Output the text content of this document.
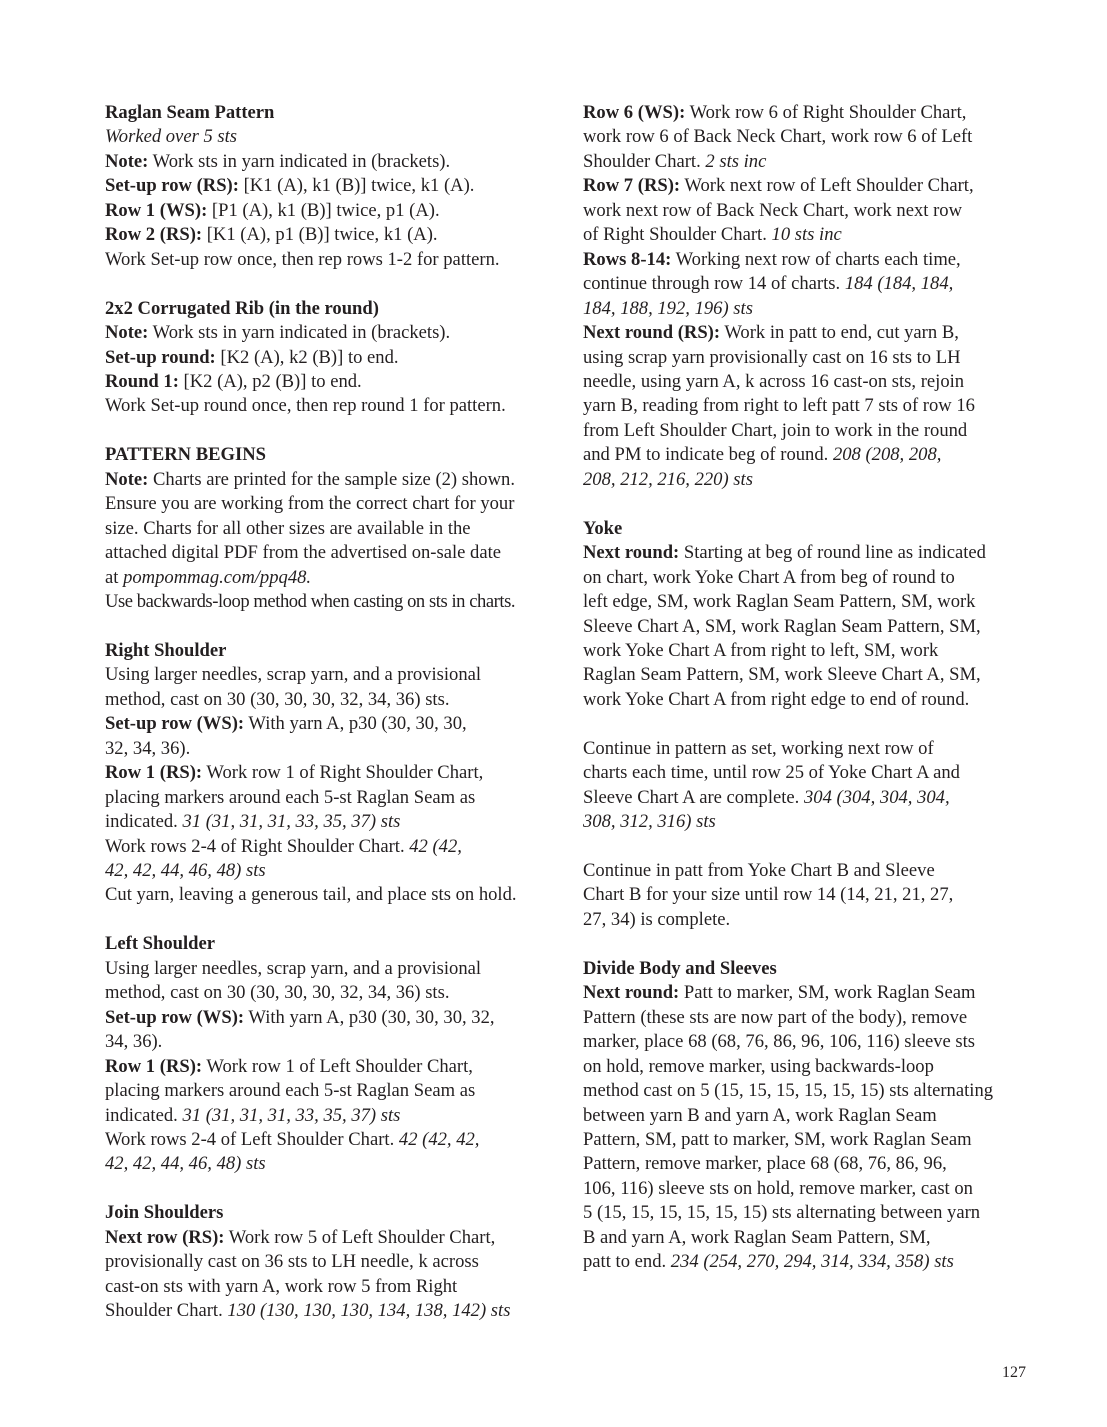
Raglan Seam Pattern
Worked over 5 sts
Note: Work sts in yarn indicated in (brackets).
Set-up row (RS): [K1 (A), k1 (B)] twice, k1 (A).
Row 1 (WS): [P1 (A), k1 (B)] twice, p1 (A).
Row 2 (RS): [K1 (A), p1 (B)] twice, k1 (A).
Work Set-up row once, then rep rows 1-2 for pattern.
2x2 Corrugated Rib (in the round)
Note: Work sts in yarn indicated in (brackets).
Set-up round: [K2 (A), k2 (B)] to end.
Round 1: [K2 (A), p2 (B)] to end.
Work Set-up round once, then rep round 1 for pattern.
PATTERN BEGINS
Note: Charts are printed for the sample size (2) shown.
Ensure you are working from the correct chart for your
size. Charts for all other sizes are available in the
attached digital PDF from the advertised on-sale date
at pompommag.com/ppq48.
Use backwards-loop method when casting on sts in charts.
Right Shoulder
Using larger needles, scrap yarn, and a provisional
method, cast on 30 (30, 30, 30, 32, 34, 36) sts.
Set-up row (WS): With yarn A, p30 (30, 30, 30,
32, 34, 36).
Row 1 (RS): Work row 1 of Right Shoulder Chart,
placing markers around each 5-st Raglan Seam as
indicated. 31 (31, 31, 31, 33, 35, 37) sts
Work rows 2-4 of Right Shoulder Chart. 42 (42,
42, 42, 44, 46, 48) sts
Cut yarn, leaving a generous tail, and place sts on hold.
Left Shoulder
Using larger needles, scrap yarn, and a provisional
method, cast on 30 (30, 30, 30, 32, 34, 36) sts.
Set-up row (WS): With yarn A, p30 (30, 30, 30, 32,
34, 36).
Row 1 (RS): Work row 1 of Left Shoulder Chart,
placing markers around each 5-st Raglan Seam as
indicated. 31 (31, 31, 31, 33, 35, 37) sts
Work rows 2-4 of Left Shoulder Chart. 42 (42, 42,
42, 42, 44, 46, 48) sts
Join Shoulders
Next row (RS): Work row 5 of Left Shoulder Chart,
provisionally cast on 36 sts to LH needle, k across
cast-on sts with yarn A, work row 5 from Right
Shoulder Chart. 130 (130, 130, 130, 134, 138, 142) sts
Row 6 (WS): Work row 6 of Right Shoulder Chart,
work row 6 of Back Neck Chart, work row 6 of Left
Shoulder Chart. 2 sts inc
Row 7 (RS): Work next row of Left Shoulder Chart,
work next row of Back Neck Chart, work next row
of Right Shoulder Chart. 10 sts inc
Rows 8-14: Working next row of charts each time,
continue through row 14 of charts. 184 (184, 184,
184, 188, 192, 196) sts
Next round (RS): Work in patt to end, cut yarn B,
using scrap yarn provisionally cast on 16 sts to LH
needle, using yarn A, k across 16 cast-on sts, rejoin
yarn B, reading from right to left patt 7 sts of row 16
from Left Shoulder Chart, join to work in the round
and PM to indicate beg of round. 208 (208, 208,
208, 212, 216, 220) sts
Yoke
Next round: Starting at beg of round line as indicated
on chart, work Yoke Chart A from beg of round to
left edge, SM, work Raglan Seam Pattern, SM, work
Sleeve Chart A, SM, work Raglan Seam Pattern, SM,
work Yoke Chart A from right to left, SM, work
Raglan Seam Pattern, SM, work Sleeve Chart A, SM,
work Yoke Chart A from right edge to end of round.
Continue in pattern as set, working next row of
charts each time, until row 25 of Yoke Chart A and
Sleeve Chart A are complete. 304 (304, 304, 304,
308, 312, 316) sts
Continue in patt from Yoke Chart B and Sleeve
Chart B for your size until row 14 (14, 21, 21, 27,
27, 34) is complete.
Divide Body and Sleeves
Next round: Patt to marker, SM, work Raglan Seam
Pattern (these sts are now part of the body), remove
marker, place 68 (68, 76, 86, 96, 106, 116) sleeve sts
on hold, remove marker, using backwards-loop
method cast on 5 (15, 15, 15, 15, 15, 15) sts alternating
between yarn B and yarn A, work Raglan Seam
Pattern, SM, patt to marker, SM, work Raglan Seam
Pattern, remove marker, place 68 (68, 76, 86, 96,
106, 116) sleeve sts on hold, remove marker, cast on
5 (15, 15, 15, 15, 15, 15) sts alternating between yarn
B and yarn A, work Raglan Seam Pattern, SM,
patt to end. 234 (254, 270, 294, 314, 334, 358) sts
127
